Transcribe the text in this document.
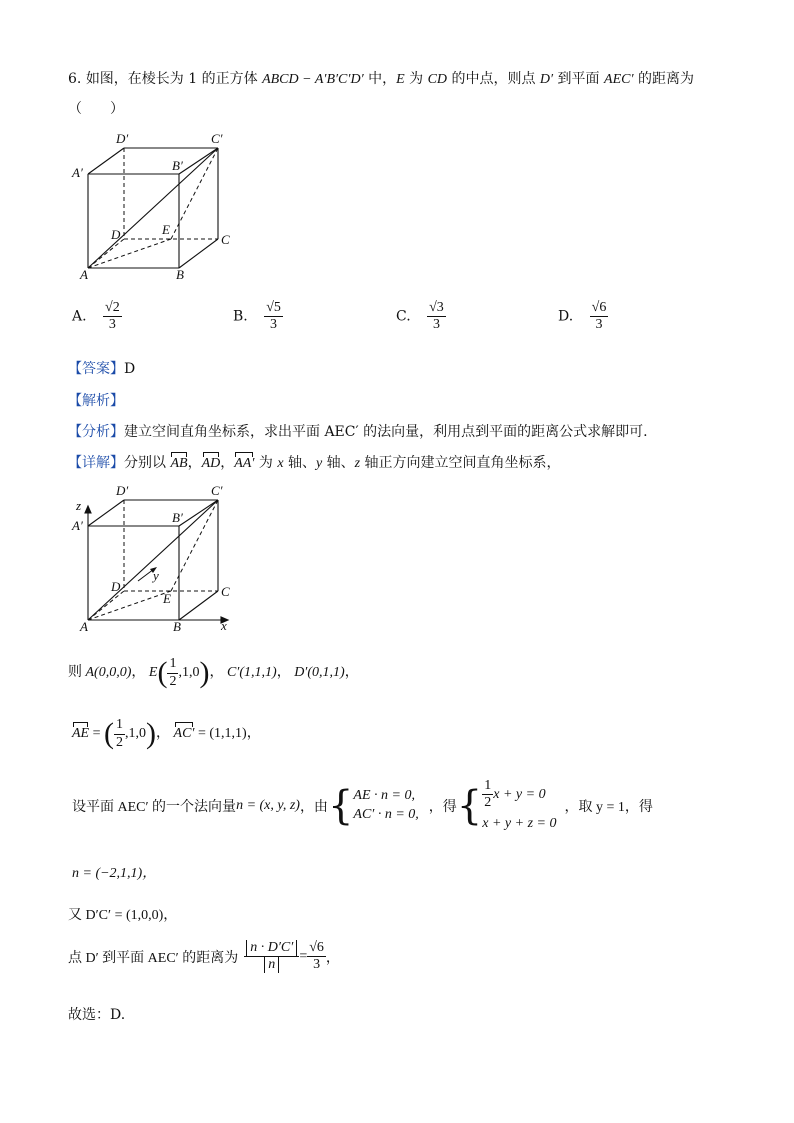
6. 如图，在棱长为 1 的正方体 ABCD − A′B′C′D′ 中，E 为 CD 的中点，则点 D′ 到平面 AEC′ 的距离为
（　　）
D′	C′
B′
A′
D	E
C
A	B
A. $\frac{√2}{3}$	B. $\frac{√5}{3}$	C. $\frac{√3}{3}$	D. $\frac{√6}{3}$
【答案】D
【解析】
【分析】建立空间直角坐标系，求出平面 AEC′ 的法向量，利用点到平面的距离公式求解即可.
【详解】分别以 AB，AD，AA′ 为 x 轴、y 轴、z 轴正方向建立空间直角坐标系，
z
D′	C′
A′
B′
D
y
E	C
A	B	x
则 A(0,0,0)， $E( \frac{1}{2} ,1,0)$， C′(1,1,1)， D′(0,1,1)，
AE = ( $\frac{1}{2} ,1,0$)， AC′ = (1,1,1)，
设平面 AEC′ 的一个法向量 n = (x, y, z) ，由 { AE · n = 0,
AC′ · n = 0, ，得 { $\frac{1}{2}$ x + y = 0
x + y + z = 0
，取 y = 1，得
n = (−2,1,1)，
又 D′C′ = (1,0,0)，
点 D′ 到平面 AEC′ 的距离为 $\frac{n \cdot D'C'}{n} = \frac{√6}{3}$ ，
故选：D.
